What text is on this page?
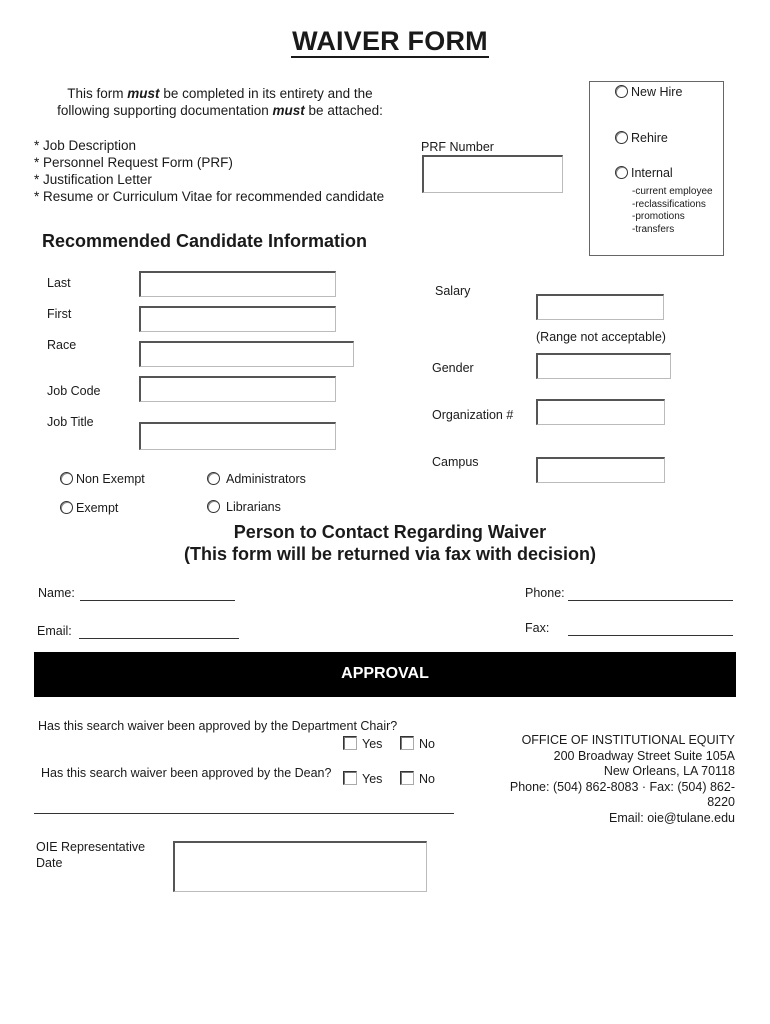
WAIVER FORM
This form must be completed in its entirety and the
following supporting documentation must be attached:
* Job Description
* Personnel Request Form (PRF)
* Justification Letter
* Resume or Curriculum Vitae for recommended candidate
PRF Number
New Hire
Rehire
Internal
-current employee
-reclassifications
-promotions
-transfers
Recommended Candidate Information
Last
First
Race
Job Code
Job Title
Salary
(Range not acceptable)
Gender
Organization #
Campus
Non Exempt
Exempt
Administrators
Librarians
Person to Contact Regarding Waiver
(This form will be returned via fax with decision)
Name:
Email:
Phone:
Fax:
APPROVAL
Has this search waiver been approved by the Department Chair?
Yes	No
Has this search waiver been approved by the Dean?	Yes	No
OIE Representative
Date
OFFICE OF INSTITUTIONAL EQUITY
200 Broadway Street Suite 105A
New Orleans, LA 70118
Phone: (504) 862-8083 · Fax: (504) 862-8220
Email: oie@tulane.edu
